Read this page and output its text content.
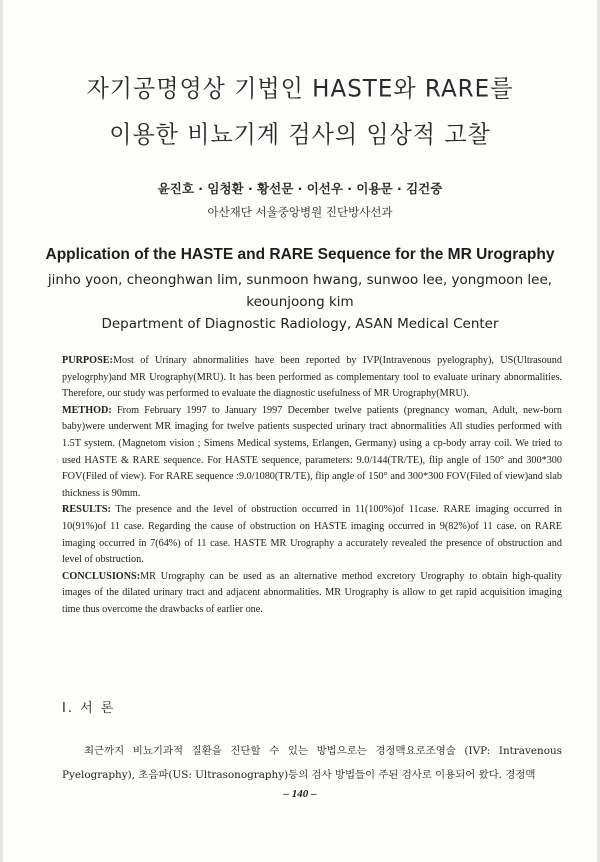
자기공명영상 기법인 HASTE와 RARE를
이용한 비뇨기계 검사의 임상적 고찰
윤진호 · 임청환 · 황선문 · 이선우 · 이용문 · 김건중
아산재단 서울중앙병원 진단방사선과
Application of the HASTE and RARE Sequence for the MR Urography
jinho yoon, cheonghwan lim, sunmoon hwang, sunwoo lee, yongmoon lee,
keounjoong kim
Department of Diagnostic Radiology, ASAN Medical Center

PURPOSE:Most of Urinary abnormalities have been reported by IVP(Intravenous pyelography), US(Ultrasound pyelogrphy)and MR Urography(MRU). It has been performed as complementary tool to evaluate urinary abnormalities. Therefore, our study was performed to evaluate the diagnostic usefulness of MR Urography(MRU).

METHOD: From February 1997 to January 1997 December twelve patients (pregnancy woman, Adult, new-born baby)were underwent MR imaging for twelve patients suspected urinary tract abnormalities All studies performed with 1.5T system. (Magnetom vision ; Simens Medical systems, Erlangen, Germany) using a cp-body array coil. We tried to used HASTE & RARE sequence. For HASTE sequence, parameters: 9.0/144(TR/TE), flip angle of 150° and 300*300 FOV(Filed of view). For RARE sequence :9.0/1080(TR/TE), flip angle of 150° and 300*300 FOV(Filed of view)and slab thickness is 90mm.

RESULTS: The presence and the level of obstruction occurred in 11(100%)of 11case. RARE imaging occurred in 10(91%)of 11 case. Regarding the cause of obstruction on HASTE imaging occurred in 9(82%)of 11 case. on RARE imaging occurred in 7(64%) of 11 case. HASTE MR Urography a accurately revealed the presence of obstruction and level of obstruction.

CONCLUSIONS:MR Urography can be used as an alternative method excretory Urography to obtain high-quality images of the dilated urinary tract and adjacent abnormalities. MR Urography is allow to get rapid acquisition imaging time thus overcome the drawbacks of earlier one.

Ⅰ. 서 론

최근까지 비뇨기과적 질환을 진단할 수 있는 방법으로는 경정맥요로조영술 (IVP: Intravenous Pyelography), 초음파(US: Ultrasonography)등의 검사 방법들이 주된 검사로 이용되어 왔다. 경정맥

– 140 –
